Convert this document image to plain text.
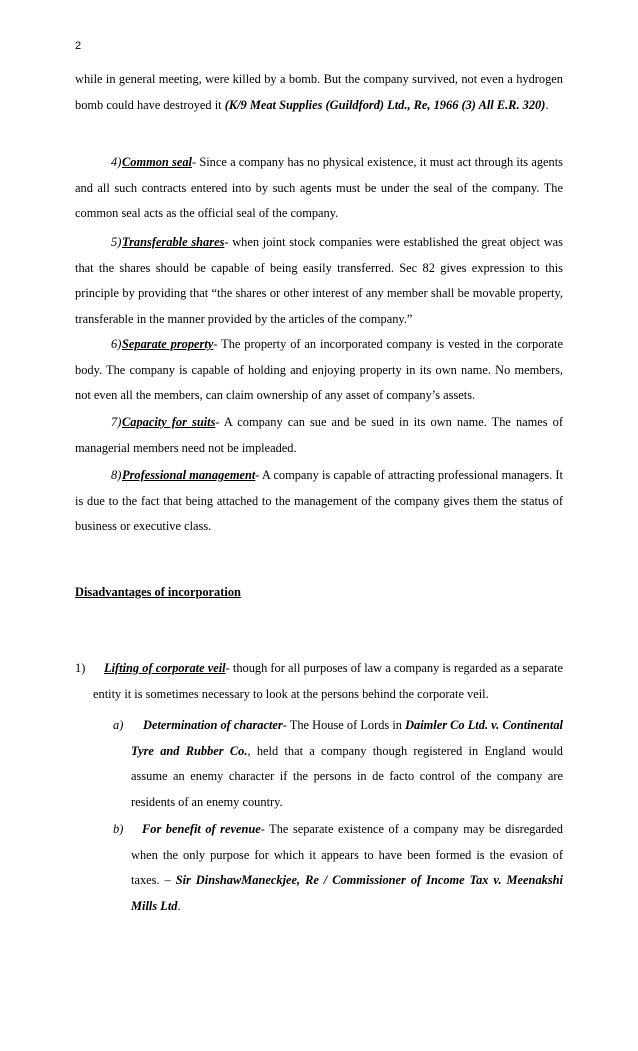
2

while in general meeting, were killed by a bomb. But the company survived, not even a hydrogen bomb could have destroyed it (K/9 Meat Supplies (Guildford) Ltd., Re, 1966 (3) All E.R. 320).

4)Common seal- Since a company has no physical existence, it must act through its agents and all such contracts entered into by such agents must be under the seal of the company. The common seal acts as the official seal of the company.

5)Transferable shares- when joint stock companies were established the great object was that the shares should be capable of being easily transferred. Sec 82 gives expression to this principle by providing that “the shares or other interest of any member shall be movable property, transferable in the manner provided by the articles of the company.”

6)Separate property- The property of an incorporated company is vested in the corporate body. The company is capable of holding and enjoying property in its own name. No members, not even all the members, can claim ownership of any asset of company’s assets.

7)Capacity for suits- A company can sue and be sued in its own name. The names of managerial members need not be impleaded.

8)Professional management- A company is capable of attracting professional managers. It is due to the fact that being attached to the management of the company gives them the status of business or executive class.

Disadvantages of incorporation

1) Lifting of corporate veil- though for all purposes of law a company is regarded as a separate entity it is sometimes necessary to look at the persons behind the corporate veil.
a) Determination of character- The House of Lords in Daimler Co Ltd. v. Continental Tyre and Rubber Co., held that a company though registered in England would assume an enemy character if the persons in de facto control of the company are residents of an enemy country.
b) For benefit of revenue- The separate existence of a company may be disregarded when the only purpose for which it appears to have been formed is the evasion of taxes. – Sir DinshawManeckjee, Re / Commissioner of Income Tax v. Meenakshi Mills Ltd.
